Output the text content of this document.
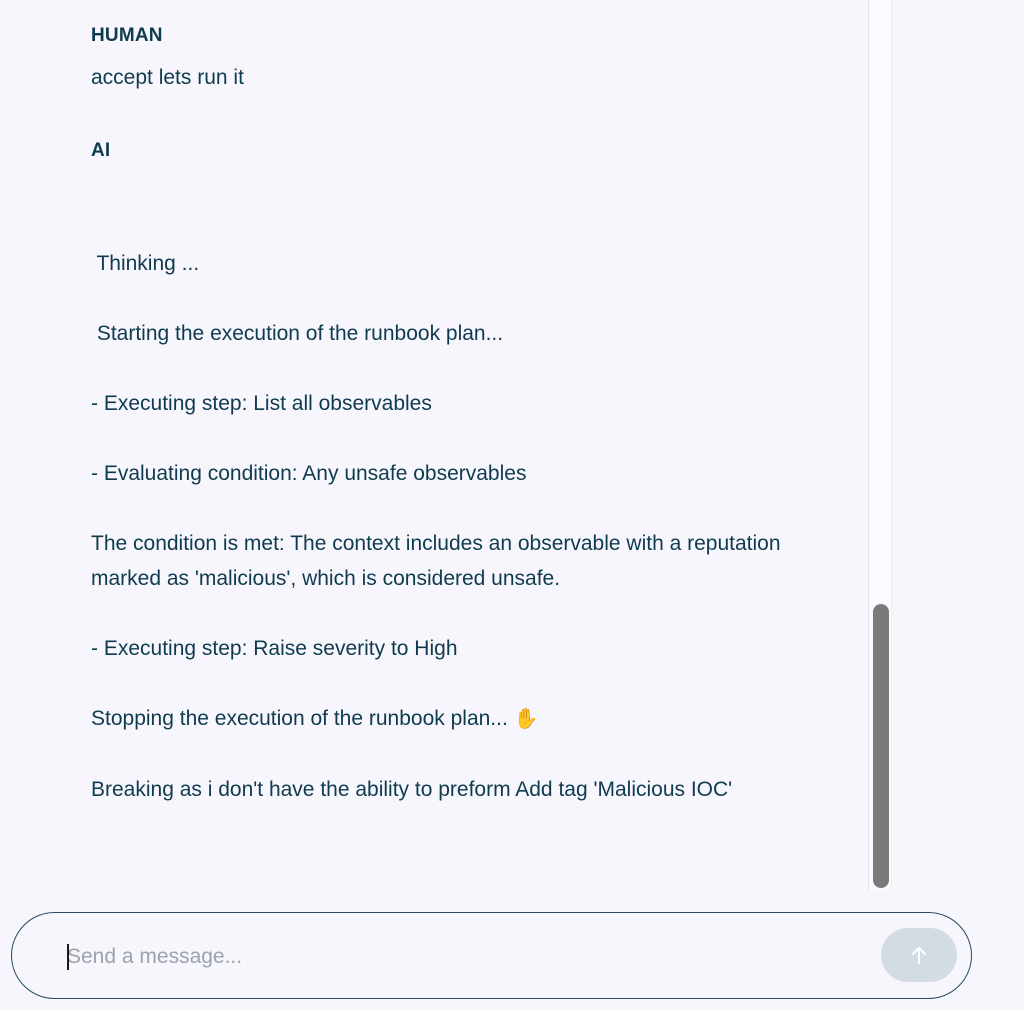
HUMAN
accept lets run it
AI
Thinking ...
Starting the execution of the runbook plan...
- Executing step: List all observables
- Evaluating condition: Any unsafe observables
The condition is met: The context includes an observable with a reputation marked as 'malicious', which is considered unsafe.
- Executing step: Raise severity to High
Stopping the execution of the runbook plan... ✋
Breaking as i don't have the ability to preform Add tag 'Malicious IOC'
Send a message...
